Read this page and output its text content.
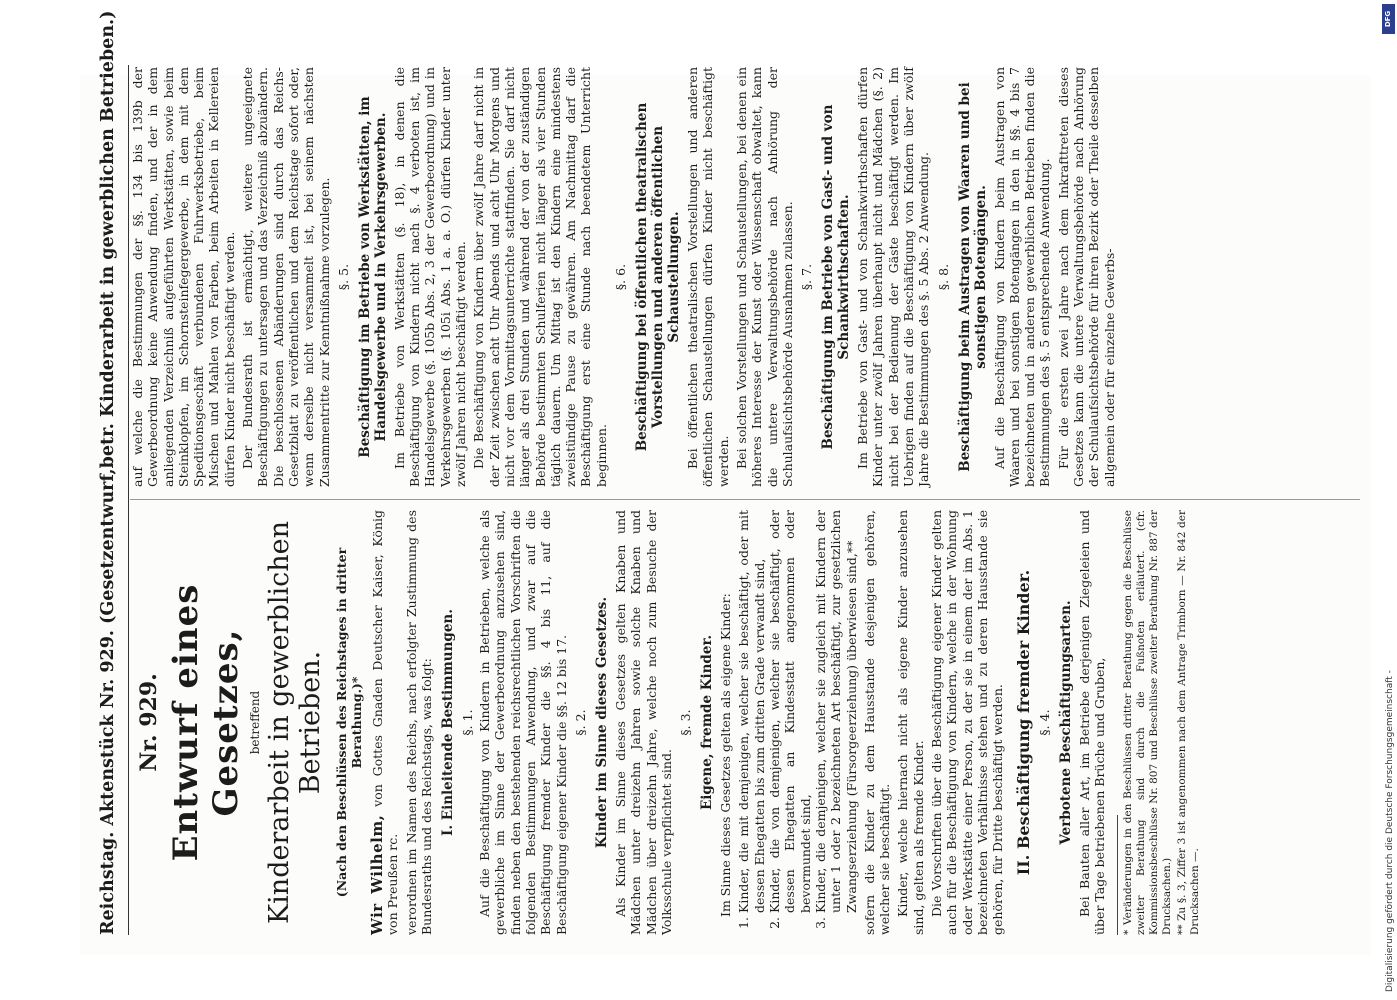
Reichstag. Aktenstück Nr. 929. (Gesetzentwurf,
betr. Kinderarbeit in gewerblichen Betrieben.)
Nr. 929. Entwurf eines Gesetzes, betreffend Kinderarbeit in gewerblichen Betrieben. (Nach den Beschlüssen des Reichstages in dritter Berathung.)*

Wir Wilhelm, von Gottes Gnaden Deutscher Kaiser, König von Preußen rc. verordnen im Namen des Reichs, nach erfolgter Zustimmung des Bundesraths und des Reichstags, was folgt: I. Einleitende Bestimmungen. §. 1. Auf die Beschäftigung von Kindern in Betrieben, welche als gewerbliche im Sinne der Gewerbeordnung anzusehen sind, finden neben den bestehenden reichsrechtlichen Vorschriften die folgenden Bestimmungen Anwendung, und zwar auf die Beschäftigung fremder Kinder die §§. 4 bis 11, auf die Beschäftigung eigener Kinder die §§. 12 bis 17. §. 2. Kinder im Sinne dieses Gesetzes. Als Kinder im Sinne dieses Gesetzes gelten Knaben und Mädchen unter dreizehn Jahren sowie solche Knaben und Mädchen über dreizehn Jahre, welche noch zum Besuche der Volksschule verpflichtet sind.

§. 3. Eigene, fremde Kinder. Im Sinne dieses Gesetzes gelten als eigene Kinder: 1. Kinder, die mit demjenigen, welcher sie beschäftigt, oder mit dessen Ehegatten bis zum dritten Grade verwandt sind, 2. Kinder, die von demjenigen, welcher sie beschäftigt, oder dessen Ehegatten an Kindesstatt angenommen oder bevormundet sind, 3. Kinder, die demjenigen, welcher sie zugleich mit Kindern der unter 1 oder 2 bezeichneten Art beschäftigt, zur gesetzlichen Zwangserziehung (Fürsorgeerziehung) überwiesen sind,** sofern die Kinder zu dem Hausstande desjenigen gehören, welcher sie beschäftigt. Kinder, welche hiernach nicht als eigene Kinder anzusehen sind, gelten als fremde Kinder. Die Vorschriften über die Beschäftigung eigener Kinder gelten auch für die Beschäftigung von Kindern, welche in der Wohnung oder Werkstätte einer Person, zu der sie in einem der im Abs. 1 bezeichneten Verhältnisse stehen und zu deren Hausstande sie gehören, für Dritte beschäftigt werden. II. Beschäftigung fremder Kinder. §. 4. Verbotene Beschäftigungsarten. Bei Bauten aller Art, im Betriebe derjenigen Ziegeleien und über Tage betriebenen Brüche und Gruben, * Veränderungen in den Beschlüssen dritter Berathung gegen die Beschlüsse zweiter Berathung sind durch die Fußnoten erläutert. (cfr. Kommissionsbeschlüsse Nr. 807 und Beschlüsse zweiter Berathung Nr. 887 der Drucksachen.) ** Zu §. 3, Ziffer 3 ist angenommen nach dem Antrage Trimborn — Nr. 842 der Drucksachen —.

auf welche die Bestimmungen der §§. 134 bis 139b der Gewerbeordnung keine Anwendung finden, und der in dem anliegenden Verzeichniß aufgeführten Werkstätten, sowie beim Steinklopfen, im Schornsteinfegergewerbe, in dem mit dem Speditionsgeschäft verbundenen Fuhrwerksbetriebe, beim Mischen und Mahlen von Farben, beim Arbeiten in Kellereien dürfen Kinder nicht beschäftigt werden. Der Bundesrath ist ermächtigt, weitere ungeeignete Beschäftigungen zu untersagen und das Verzeichniß abzuändern. Die beschlossenen Abänderungen sind durch das Reichs-Gesetzblatt zu veröffentlichen und dem Reichstage sofort oder, wenn derselbe nicht versammelt ist, bei seinem nächsten Zusammentritte zur Kenntnißnahme vorzulegen. §. 5. Beschäftigung im Betriebe von Werkstätten, im Handelsgewerbe und in Verkehrsgewerben. Im Betriebe von Werkstätten (§. 18), in denen die Beschäftigung von Kindern nicht nach §. 4 verboten ist, im Handelsgewerbe (§. 105b Abs. 2, 3 der Gewerbeordnung) und in Verkehrsgewerben (§. 105i Abs. 1 a. a. O.) dürfen Kinder unter zwölf Jahren nicht beschäftigt werden. Die Beschäftigung von Kindern über zwölf Jahre darf nicht in der Zeit zwischen acht Uhr Abends und acht Uhr Morgens und nicht vor dem Vormittagsunterrichte stattfinden. Sie darf nicht länger als drei Stunden und während der von der zuständigen Behörde bestimmten Schulferien nicht länger als vier Stunden täglich dauern. Um Mittag ist den Kindern eine mindestens zweistündige Pause zu gewähren. Am Nachmittag darf die Beschäftigung erst eine Stunde nach beendetem Unterricht beginnen.

§. 6. Beschäftigung bei öffentlichen theatralischen Vorstellungen und anderen öffentlichen Schaustellungen. Bei öffentlichen theatralischen Vorstellungen und anderen öffentlichen Schaustellungen dürfen Kinder nicht beschäftigt werden. Bei solchen Vorstellungen und Schaustellungen, bei denen ein höheres Interesse der Kunst oder Wissenschaft obwaltet, kann die untere Verwaltungsbehörde nach Anhörung der Schulaufsichtsbehörde Ausnahmen zulassen. §. 7. Beschäftigung im Betriebe von Gast- und von Schankwirthschaften. Im Betriebe von Gast- und von Schankwirthschaften dürfen Kinder unter zwölf Jahren überhaupt nicht und Mädchen (§. 2) nicht bei der Bedienung der Gäste beschäftigt werden. Im Uebrigen finden auf die Beschäftigung von Kindern über zwölf Jahre die Bestimmungen des §. 5 Abs. 2 Anwendung. §. 8. Beschäftigung beim Austragen von Waaren und bei sonstigen Botengängen. Auf die Beschäftigung von Kindern beim Austragen von Waaren und bei sonstigen Botengängen in den in §§. 4 bis 7 bezeichneten und in anderen gewerblichen Betrieben finden die Bestimmungen des §. 5 entsprechende Anwendung. Für die ersten zwei Jahre nach dem Inkrafttreten dieses Gesetzes kann die untere Verwaltungsbehörde nach Anhörung der Schulaufsichtsbehörde für ihren Bezirk oder Theile desselben allgemein oder für einzelne Gewerbs-

DFG
Digitalisierung gefördert durch die Deutsche Forschungsgemeinschaft -
